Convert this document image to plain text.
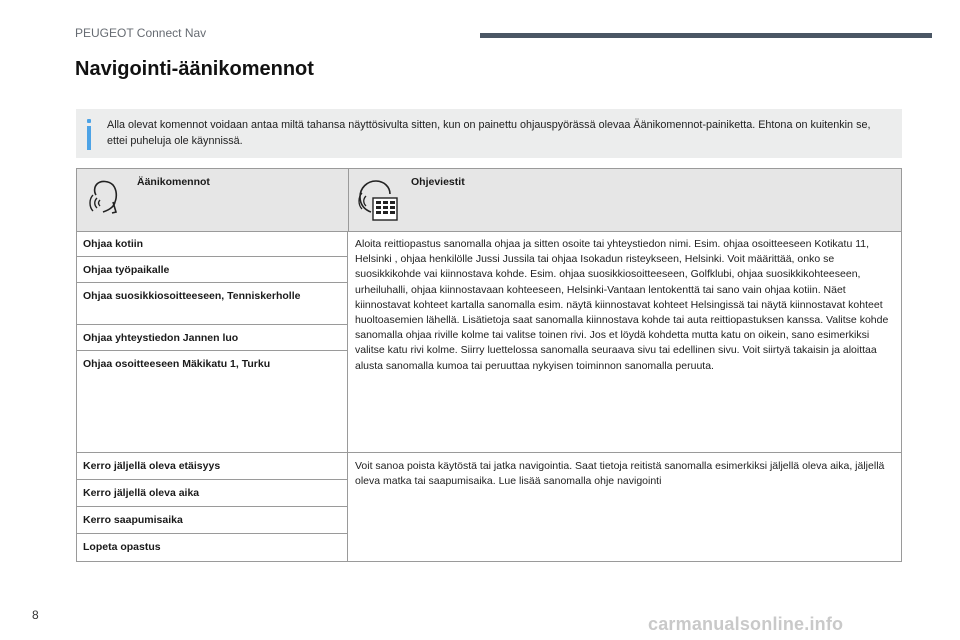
PEUGEOT Connect Nav
Navigointi-äänikomennot
Alla olevat komennot voidaan antaa miltä tahansa näyttösivulta sitten, kun on painettu ohjauspyörässä olevaa Äänikomennot-painiketta. Ehtona on kuitenkin se, ettei puheluja ole käynnissä.
Äänikomennot	Ohjeviestit
Ohjaa kotiin
Ohjaa työpaikalle
Ohjaa suosikkiosoitteeseen, Tenniskerholle
Ohjaa yhteystiedon Jannen luo
Ohjaa osoitteeseen Mäkikatu 1, Turku
Aloita reittiopastus sanomalla ohjaa ja sitten osoite tai yhteystiedon nimi. Esim. ohjaa osoitteeseen Kotikatu 11, Helsinki , ohjaa henkilölle Jussi Jussila tai ohjaa Isokadun risteykseen, Helsinki. Voit määrittää, onko se suosikkikohde vai kiinnostava kohde. Esim. ohjaa suosikkiosoitteeseen, Golfklubi, ohjaa suosikkikohteeseen, urheiluhalli, ohjaa kiinnostavaan kohteeseen, Helsinki-Vantaan lentokenttä tai sano vain ohjaa kotiin. Näet kiinnostavat kohteet kartalla sanomalla esim. näytä kiinnostavat kohteet Helsingissä tai näytä kiinnostavat kohteet huoltoasemien lähellä. Lisätietoja saat sanomalla kiinnostava kohde tai auta reittiopastuksen kanssa. Valitse kohde sanomalla ohjaa riville kolme tai valitse toinen rivi. Jos et löydä kohdetta mutta katu on oikein, sano esimerkiksi valitse katu rivi kolme. Siirry luettelossa sanomalla seuraava sivu tai edellinen sivu. Voit siirtyä takaisin ja aloittaa alusta sanomalla kumoa tai peruuttaa nykyisen toiminnon sanomalla peruuta.
Kerro jäljellä oleva etäisyys
Kerro jäljellä oleva aika
Kerro saapumisaika
Lopeta opastus
Voit sanoa poista käytöstä tai jatka navigointia. Saat tietoja reitistä sanomalla esimerkiksi jäljellä oleva aika, jäljellä oleva matka tai saapumisaika. Lue lisää sanomalla ohje navigointi
8	carmanualsonline.info
